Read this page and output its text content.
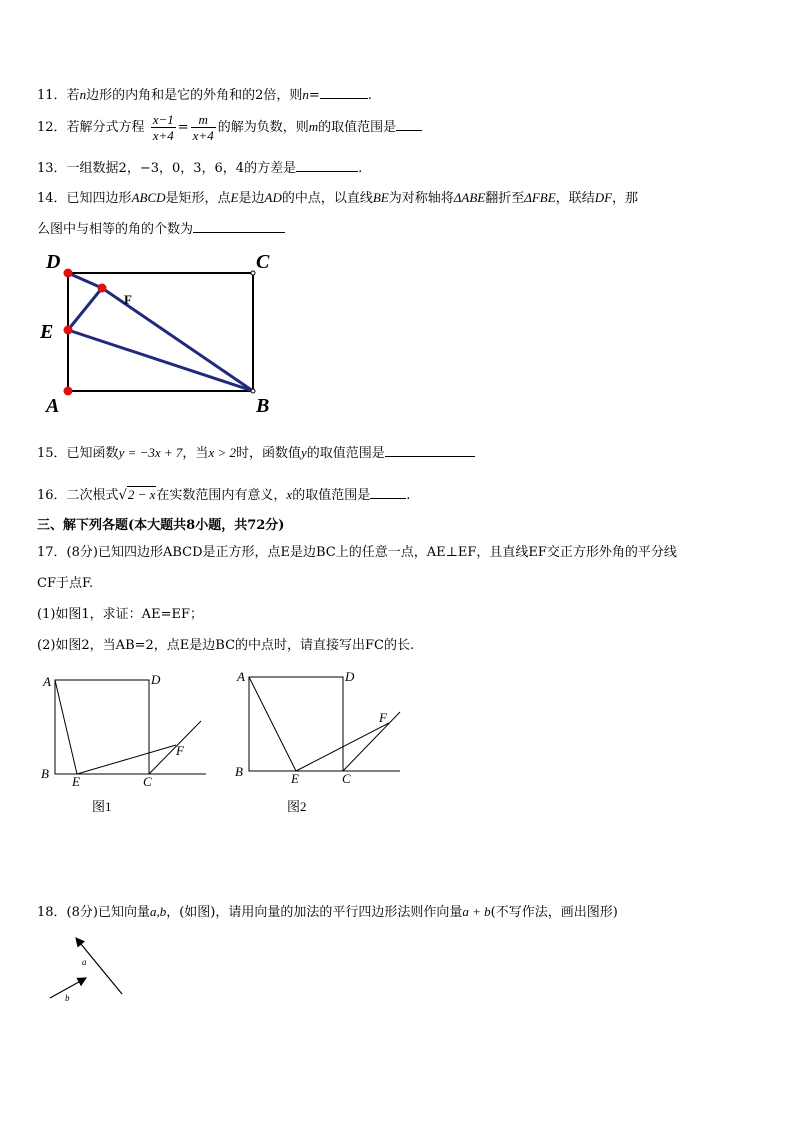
11．若n边形的内角和是它的外角和的2倍，则n=	.
12．若解分式方程 $\frac{x-1}{x+4} = \frac{m}{x+4}$ 的解为负数，则m的取值范围是
13．一组数据2，−3，0，3，6，4的方差是	.
14．已知四边形ABCD是矩形，点E是边AD的中点，以直线BE为对称轴将ΔABE翻折至ΔFBE，联结DF，那
么图中与相等的角的个数为
D	C
F
E
A	B
15．已知函数y = −3x + 7，当x > 2时，函数值y的取值范围是
16．二次根式√2 − x在实数范围内有意义，x的取值范围是	.
三、解下列各题(本大题共8小题，共72分)
17．(8分)已知四边形ABCD是正方形，点E是边BC上的任意一点，AE⊥EF，且直线EF交正方形外角的平分线
CF于点F.
(1)如图1，求证：AE=EF；
(2)如图2，当AB=2，点E是边BC的中点时，请直接写出FC的长.
A	D
B
E	C
F
图1
A	D
B	E	C
F
图2
18．(8分)已知向量a,b，(如图)，请用向量的加法的平行四边形法则作向量a + b(不写作法，画出图形)
a
b
